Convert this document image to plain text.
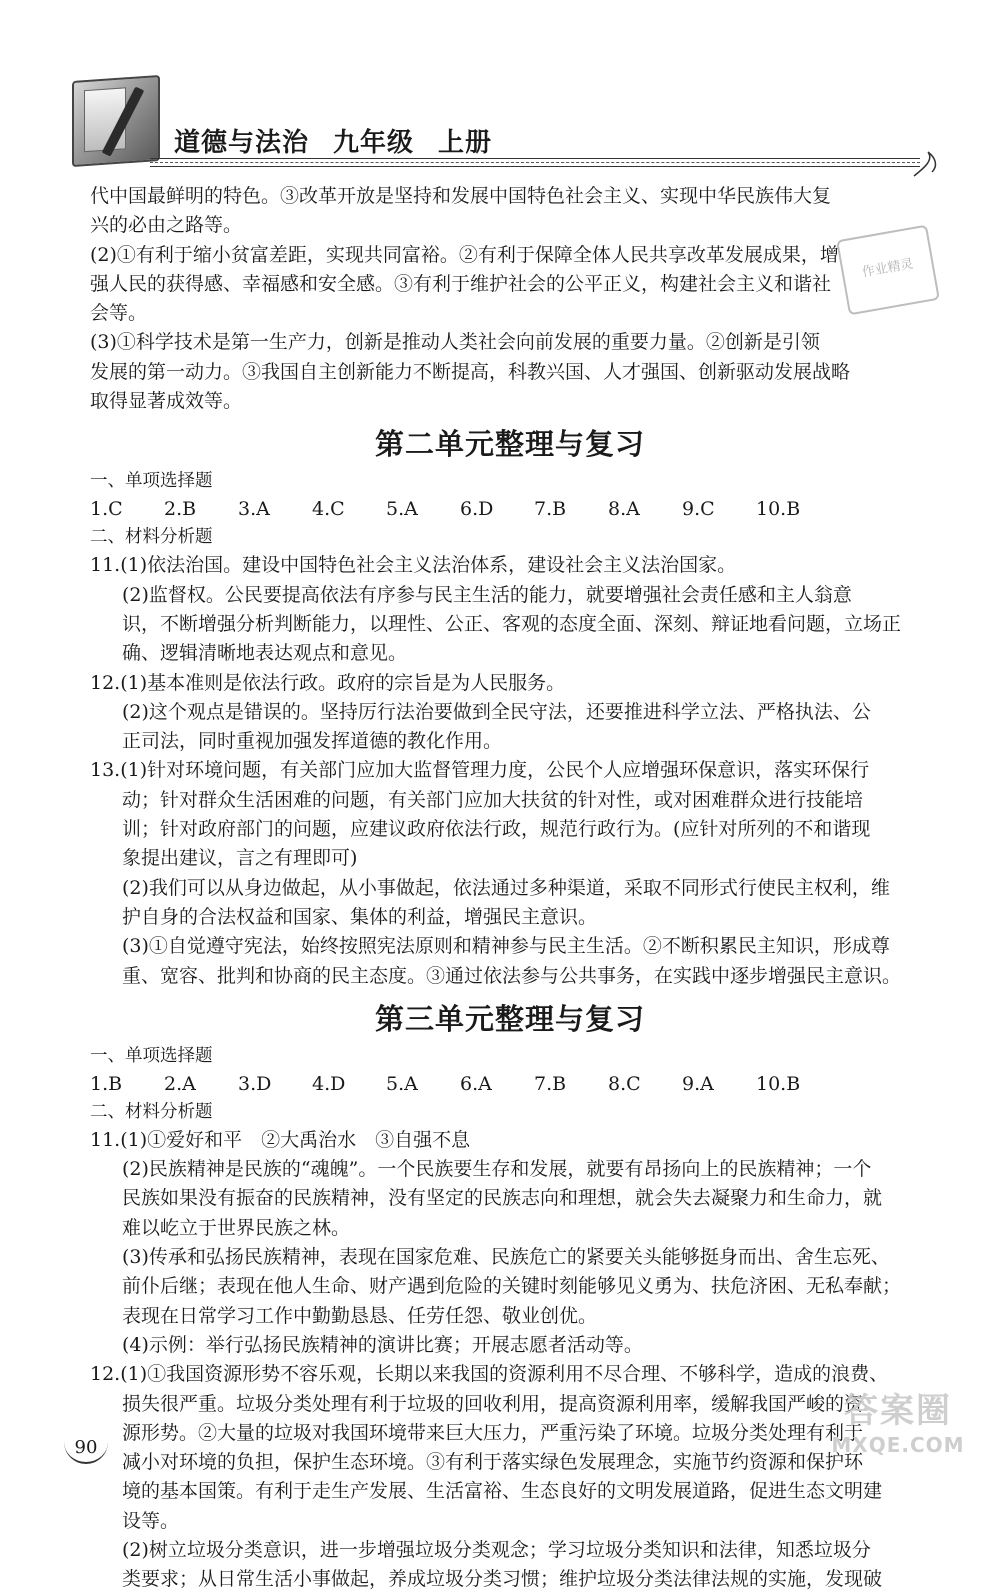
道德与法治 九年级 上册
作业精灵

代中国最鲜明的特色。③改革开放是坚持和发展中国特色社会主义、实现中华民族伟大复

兴的必由之路等。

(2)①有利于缩小贫富差距，实现共同富裕。②有利于保障全体人民共享改革发展成果，增

强人民的获得感、幸福感和安全感。③有利于维护社会的公平正义，构建社会主义和谐社

会等。

(3)①科学技术是第一生产力，创新是推动人类社会向前发展的重要力量。②创新是引领

发展的第一动力。③我国自主创新能力不断提高，科教兴国、人才强国、创新驱动发展战略

取得显著成效等。

第二单元整理与复习

一、单项选择题

1.C	2.B	3.A	4.C	5.A	6.D	7.B	8.A	9.C	10.B

二、材料分析题

11.(1)依法治国。建设中国特色社会主义法治体系，建设社会主义法治国家。

(2)监督权。公民要提高依法有序参与民主生活的能力，就要增强社会责任感和主人翁意

识，不断增强分析判断能力，以理性、公正、客观的态度全面、深刻、辩证地看问题，立场正

确、逻辑清晰地表达观点和意见。

12.(1)基本准则是依法行政。政府的宗旨是为人民服务。

(2)这个观点是错误的。坚持厉行法治要做到全民守法，还要推进科学立法、严格执法、公

正司法，同时重视加强发挥道德的教化作用。

13.(1)针对环境问题，有关部门应加大监督管理力度，公民个人应增强环保意识，落实环保行

动；针对群众生活困难的问题，有关部门应加大扶贫的针对性，或对困难群众进行技能培

训；针对政府部门的问题，应建议政府依法行政，规范行政行为。(应针对所列的不和谐现

象提出建议，言之有理即可)

(2)我们可以从身边做起，从小事做起，依法通过多种渠道，采取不同形式行使民主权利，维

护自身的合法权益和国家、集体的利益，增强民主意识。

(3)①自觉遵守宪法，始终按照宪法原则和精神参与民主生活。②不断积累民主知识，形成尊

重、宽容、批判和协商的民主态度。③通过依法参与公共事务，在实践中逐步增强民主意识。

第三单元整理与复习

一、单项选择题

1.B	2.A	3.D	4.D	5.A	6.A	7.B	8.C	9.A	10.B

二、材料分析题

11.(1)①爱好和平　②大禹治水　③自强不息

(2)民族精神是民族的“魂魄”。一个民族要生存和发展，就要有昂扬向上的民族精神；一个

民族如果没有振奋的民族精神，没有坚定的民族志向和理想，就会失去凝聚力和生命力，就

难以屹立于世界民族之林。

(3)传承和弘扬民族精神，表现在国家危难、民族危亡的紧要关头能够挺身而出、舍生忘死、

前仆后继；表现在他人生命、财产遇到危险的关键时刻能够见义勇为、扶危济困、无私奉献；

表现在日常学习工作中勤勤恳恳、任劳任怨、敬业创优。

(4)示例：举行弘扬民族精神的演讲比赛；开展志愿者活动等。

12.(1)①我国资源形势不容乐观，长期以来我国的资源利用不尽合理、不够科学，造成的浪费、

损失很严重。垃圾分类处理有利于垃圾的回收利用，提高资源利用率，缓解我国严峻的资

源形势。②大量的垃圾对我国环境带来巨大压力，严重污染了环境。垃圾分类处理有利于

减小对环境的负担，保护生态环境。③有利于落实绿色发展理念，实施节约资源和保护环

境的基本国策。有利于走生产发展、生活富裕、生态良好的文明发展道路，促进生态文明建

设等。

(2)树立垃圾分类意识，进一步增强垃圾分类观念；学习垃圾分类知识和法律，知悉垃圾分

类要求；从日常生活小事做起，养成垃圾分类习惯；维护垃圾分类法律法规的实施，发现破

90
答案圈
MXQE.COM
